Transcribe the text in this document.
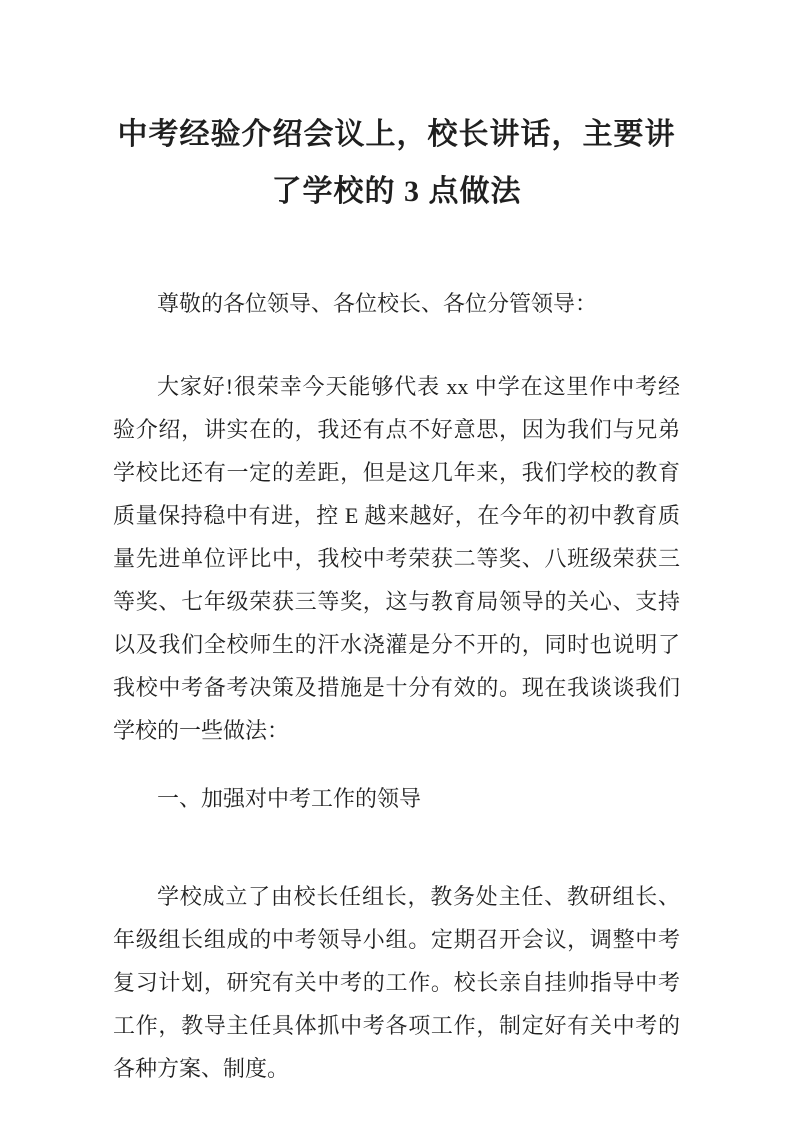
中考经验介绍会议上，校长讲话，主要讲了学校的 3 点做法

尊敬的各位领导、各位校长、各位分管领导：

大家好!很荣幸今天能够代表 xx 中学在这里作中考经验介绍，讲实在的，我还有点不好意思，因为我们与兄弟学校比还有一定的差距，但是这几年来，我们学校的教育质量保持稳中有进，控 E 越来越好，在今年的初中教育质量先进单位评比中，我校中考荣获二等奖、八班级荣获三等奖、七年级荣获三等奖，这与教育局领导的关心、支持以及我们全校师生的汗水浇灌是分不开的，同时也说明了我校中考备考决策及措施是十分有效的。现在我谈谈我们学校的一些做法：

一、加强对中考工作的领导

学校成立了由校长任组长，教务处主任、教研组长、年级组长组成的中考领导小组。定期召开会议，调整中考复习计划，研究有关中考的工作。校长亲自挂帅指导中考工作，教导主任具体抓中考各项工作，制定好有关中考的各种方案、制度。
